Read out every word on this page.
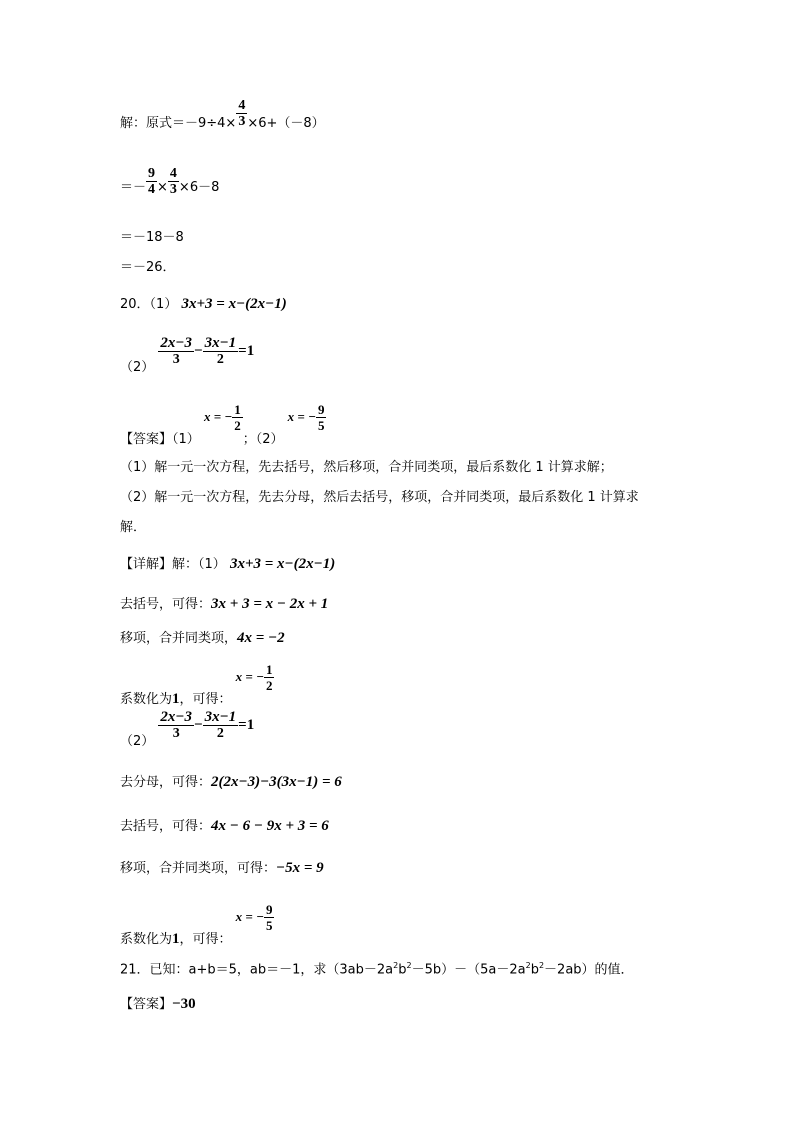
解：原式$=-9\div 4\times \frac{4}{3} \times 6+(-8)$
＝－ $\frac{9}{4} \times \frac{4}{3} \times 6-8$
＝－18－8
＝－26．
20．（1） 3x+3 = x−(2x−1)
（2）
$\frac{2x-3}{3} - \frac{3x-1}{2} =1$
【答案】（1） x = − $\frac{1}{2}$
；（2） x = − $\frac{9}{5}$
（1）解一元一次方程，先去括号，然后移项，合并同类项，最后系数化 1 计算求解；
（2）解一元一次方程，先去分母，然后去括号，移项，合并同类项，最后系数化 1 计算求
解．
【详解】解：（1） 3x+3 = x−(2x−1)
去括号，可得：3x + 3 = x − 2x + 1
移项，合并同类项，4x = −2
系数化为1，可得： x = − $\frac{1}{2}$
（2）
$\frac{2x-3}{3} - \frac{3x-1}{2} =1$
去分母，可得：2(2x−3)−3(3x−1) = 6
去括号，可得：4x − 6 − 9x + 3 = 6
移项，合并同类项，可得：−5x = 9
系数化为1，可得： x = − $\frac{9}{5}$
21．已知：a+b＝5，ab＝－1，求$(3ab-2a^2b^2-5b)-(5a-2a^2b^2-2ab)$的值．
【答案】−30
